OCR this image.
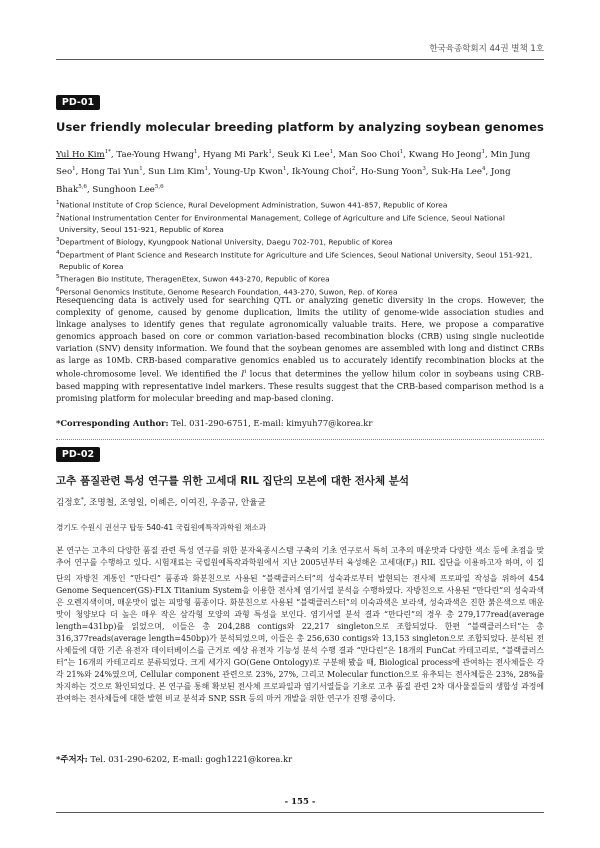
한국육종학회지 44권 별책 1호
PD-01
User friendly molecular breeding platform by analyzing soybean genomes
Yul Ho Kim$^{1*}$, Tae-Young Hwang$^1$, Hyang Mi Park$^1$, Seuk Ki Lee$^1$, Man Soo Choi$^1$, Kwang Ho Jeong$^1$, Min Jung Seo$^1$, Hong Tai Yun$^1$, Sun Lim Kim$^1$, Young-Up Kwon$^1$, Ik-Young Choi$^2$, Ho-Sung Yoon$^3$, Suk-Ha Lee$^4$, Jong Bhak$^{5,6}$, Sunghoon Lee$^{5,6}$
$^1$National Institute of Crop Science, Rural Development Administration, Suwon 441-857, Republic of Korea
$^2$National Instrumentation Center for Environmental Management, College of Agriculture and Life Science, Seoul National University, Seoul 151-921, Republic of Korea
$^3$Department of Biology, Kyungpook National University, Daegu 702-701, Republic of Korea
$^4$Department of Plant Science and Research Institute for Agriculture and Life Sciences, Seoul National University, Seoul 151-921, Republic of Korea
$^5$Theragen Bio Institute, TheragenEtex, Suwon 443-270, Republic of Korea
$^6$Personal Genomics Institute, Genome Research Foundation, 443-270, Suwon, Rep. of Korea
Resequencing data is actively used for searching QTL or analyzing genetic diversity in the crops. However, the complexity of genome, caused by genome duplication, limits the utility of genome-wide association studies and linkage analyses to identify genes that regulate agronomically valuable traits. Here, we propose a comparative genomics approach based on core or common variation-based recombination blocks (CRB) using single nucleotide variation (SNV) density information. We found that the soybean genomes are assembled with long and distinct CRBs as large as 10Mb. CRB-based comparative genomics enabled us to accurately identify recombination blocks at the whole-chromosome level. We identified the $I^i$ locus that determines the yellow hilum color in soybeans using CRB-based mapping with representative indel markers. These results suggest that the CRB-based comparison method is a promising platform for molecular breeding and map-based cloning.
*Corresponding Author: Tel. 031-290-6751, E-mail: kimyuh77@korea.kr
PD-02
고추 품질관련 특성 연구를 위한 고세대 RIL 집단의 모본에 대한 전사체 분석
김정호*, 조명철, 조영일, 이혜은, 이여진, 우종규, 안율균
경기도 수원시 권선구 탑동 540-41 국립원예특작과학원 채소과
본 연구는 고추의 다양한 품질 관련 특성 연구를 위한 분자육종시스템 구축의 기초 연구로서 특히 고추의 매운맛과 다양한 색소 등에 초점을 맞추어 연구를 수행하고 있다. 시험재료는 국립원예특작과학원에서 지난 2005년부터 육성해온 고세대$(F_7)$ RIL 집단을 이용하고자 하며, 이 집단의 자방친 계통인 “만다린” 품종과 화분친으로 사용된 “블랙클러스터”의 성숙과로부터 발현되는 전사체 프로파일 작성을 위하여 454 Genome Sequencer(GS)-FLX Titanium System을 이용한 전사체 염기서열 분석을 수행하였다. 자방친으로 사용된 “만다린”의 성숙과색은 오렌지색이며, 매운맛이 없는 피망형 품종이다. 화분친으로 사용된 “블랙클러스터”의 미숙과색은 보라색, 성숙과색은 진한 붉은색으로 매운맛이 청양보다 더 높은 매우 작은 삼각형 모양의 과형 특성을 보인다. 염기서열 분석 결과 “만다린”의 경우 총 279,177read(average length=431bp)를 읽었으며, 이들은 총 204,288 contigs와 22,217 singleton으로 조합되었다. 한편 “블랙클러스터”는 총 316,377reads(average length=450bp)가 분석되었으며, 이들은 총 256,630 contigs와 13,153 singleton으로 조합되었다. 분석된 전사체들에 대한 기존 유전자 데이터베이스를 근거로 예상 유전자 기능성 분석 수행 결과 “만다린”은 18개의 FunCat 카테고리로, “블랙클러스터”는 16개의 카테고리로 분류되었다. 크게 세가지 GO(Gene Ontology)로 구분해 봤을 때, Biological process에 관여하는 전사체들은 각각 21%와 24%였으며, Cellular component 관련으로 23%, 27%, 그리고 Molecular function으로 유추되는 전사체들은 23%, 28%를 차지하는 것으로 확인되었다. 본 연구를 통해 확보된 전사체 프로파일과 염기서열들을 기초로 고추 품질 관련 2차 대사물질들의 생합성 과정에 관여하는 전사체들에 대한 발현 비교 분석과 SNP, SSR 등의 마커 개발을 위한 연구가 진행 중이다.
*주저자: Tel. 031-290-6202, E-mail: gogh1221@korea.kr
- 155 -
